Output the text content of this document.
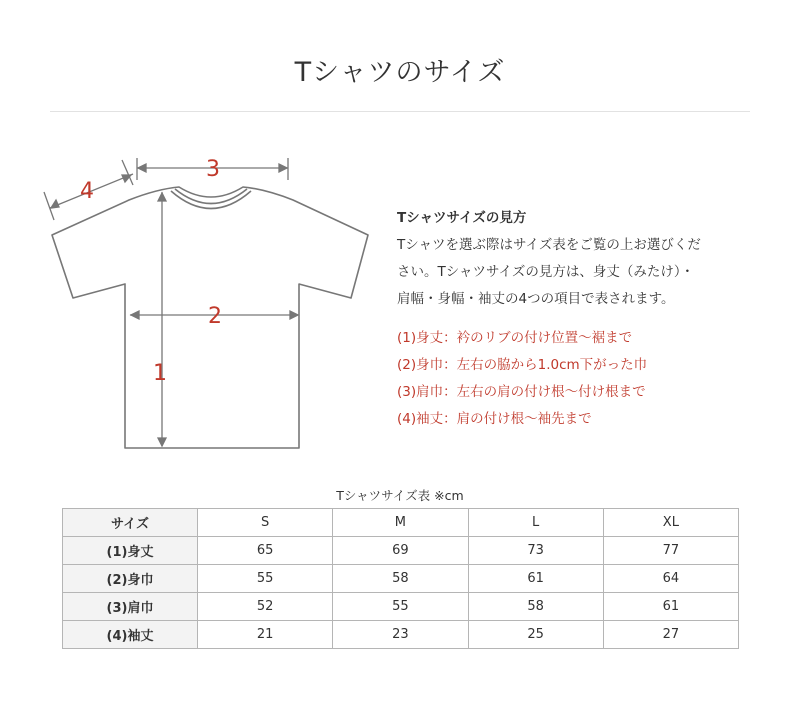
Tシャツのサイズ
3
2
1
4
Tシャツサイズの見方
Tシャツを選ぶ際はサイズ表をご覧の上お選びくだ
さい。Tシャツサイズの見方は、身丈（みたけ）・
肩幅・身幅・袖丈の4つの項目で表されます。
(1)身丈：衿のリブの付け位置〜裾まで
(2)身巾：左右の脇から1.0cm下がった巾
(3)肩巾：左右の肩の付け根〜付け根まで
(4)袖丈：肩の付け根〜袖先まで
Tシャツサイズ表 ※cm
サイズ	S	M	L	XL
(1)身丈	65	69	73	77
(2)身巾	55	58	61	64
(3)肩巾	52	55	58	61
(4)袖丈	21	23	25	27
